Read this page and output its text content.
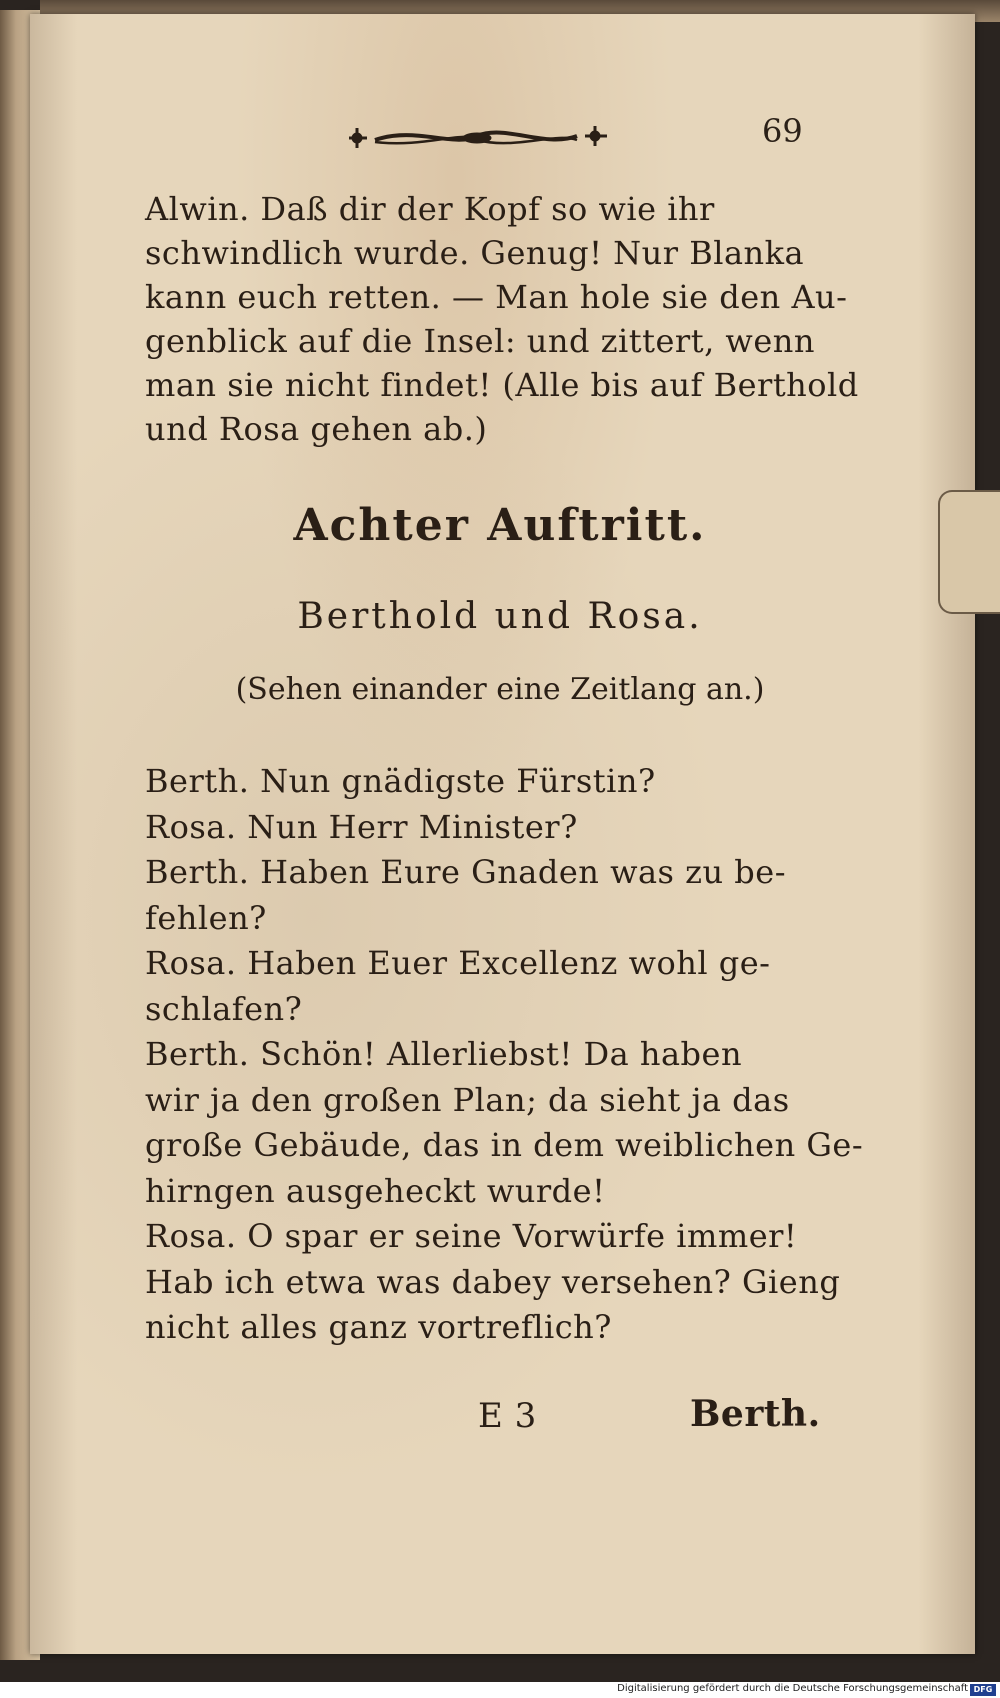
69
Alwin. Daß dir der Kopf so wie ihr
schwindlich wurde. Genug! Nur Blanka
kann euch retten. — Man hole sie den Au-
genblick auf die Insel: und zittert, wenn
man sie nicht findet! (Alle bis auf Berthold
und Rosa gehen ab.)
Achter Auftritt.
Berthold und Rosa.
(Sehen einander eine Zeitlang an.)
Berth. Nun gnädigste Fürstin?
Rosa. Nun Herr Minister?
Berth. Haben Eure Gnaden was zu be-
fehlen?
Rosa. Haben Euer Excellenz wohl ge-
schlafen?
Berth. Schön! Allerliebst! Da haben
wir ja den großen Plan; da sieht ja das
große Gebäude, das in dem weiblichen Ge-
hirngen ausgeheckt wurde!
Rosa. O spar er seine Vorwürfe immer!
Hab ich etwa was dabey versehen? Gieng
nicht alles ganz vortreflich?
E 3	Berth.
Digitalisierung gefördert durch die Deutsche Forschungsgemeinschaft DFG
